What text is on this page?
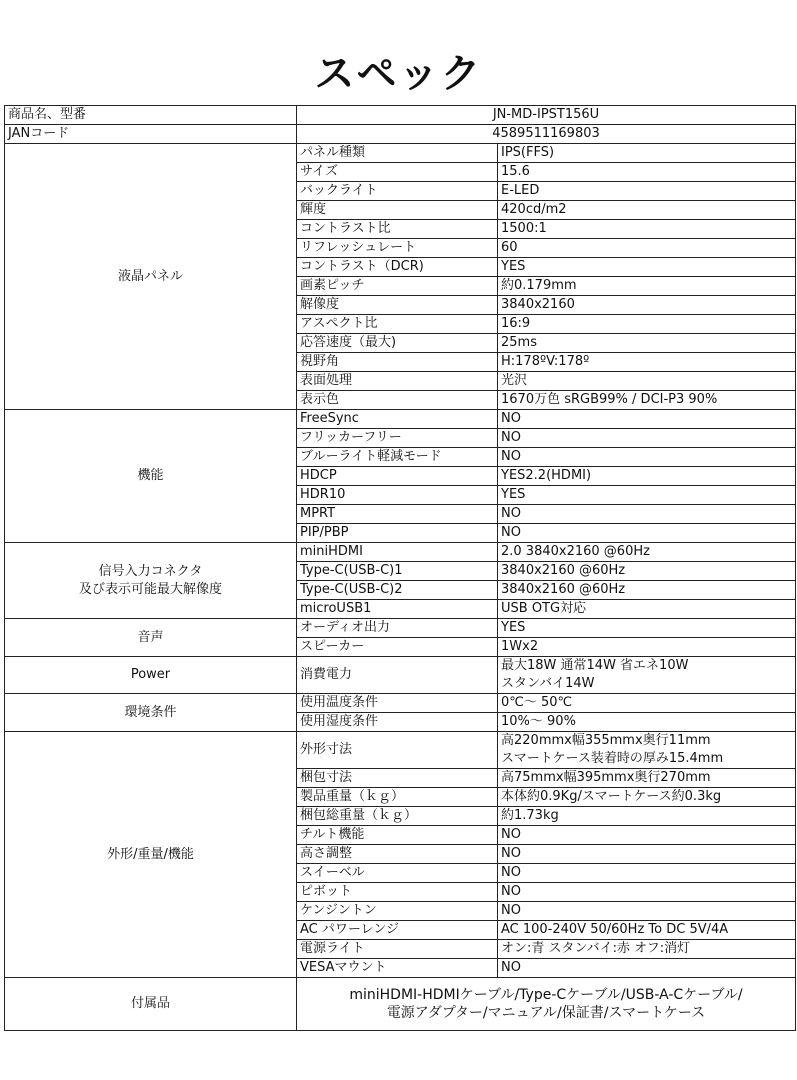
スペック
商品名、型番	JN-MD-IPST156U	
JANコード	4589511169803	
液晶パネル	パネル種類	IPS(FFS)
	サイズ	15.6
	バックライト	E-LED
	輝度	420cd/m2
	コントラスト比	1500:1
	リフレッシュレート	60
	コントラスト（DCR)	YES
	画素ピッチ	約0.179mm
	解像度	3840x2160
	アスペクト比	16:9
	応答速度（最大)	25ms
	視野角	H:178ºV:178º
	表面処理	光沢
	表示色	1670万色 sRGB99% / DCI-P3 90%
機能	FreeSync	NO
	フリッカーフリー	NO
	ブルーライト軽減モード	NO
	HDCP	YES2.2(HDMI)
	HDR10	YES
	MPRT	NO
	PIP/PBP	NO

信号入力コネクタ
及び表示可能最大解像度	miniHDMI	2.0 3840x2160 @60Hz
	Type-C(USB-C)1	3840x2160 @60Hz
	Type-C(USB-C)2	3840x2160 @60Hz
	microUSB1	USB OTG対応
音声	オーディオ出力	YES
	スピーカー	1Wx2
Power	消費電力	最大18W 通常14W 省エネ10W
スタンバイ14W

環境条件	使用温度条件	0℃～ 50℃
	使用湿度条件	10%～ 90%
外形/重量/機能	外形寸法	高220mmx幅355mmx奥行11mm
スマートケース装着時の厚み15.4mm

	梱包寸法	高75mmx幅395mmx奥行270mm
	製品重量（ｋｇ）	本体約0.9Kg/スマートケース約0.3kg
	梱包総重量（ｋｇ）	約1.73kg
	チルト機能	NO
	高さ調整	NO
	スイーベル	NO
	ピボット	NO
	ケンジントン	NO
	AC パワーレンジ	AC 100-240V 50/60Hz To DC 5V/4A
	電源ライト	オン:青 スタンバイ:赤 オフ:消灯
	VESAマウント	NO
付属品	miniHDMI-HDMIケーブル/Type-Cケーブル/USB-A-Cケーブル/
電源アダプター/マニュアル/保証書/スマートケース	
